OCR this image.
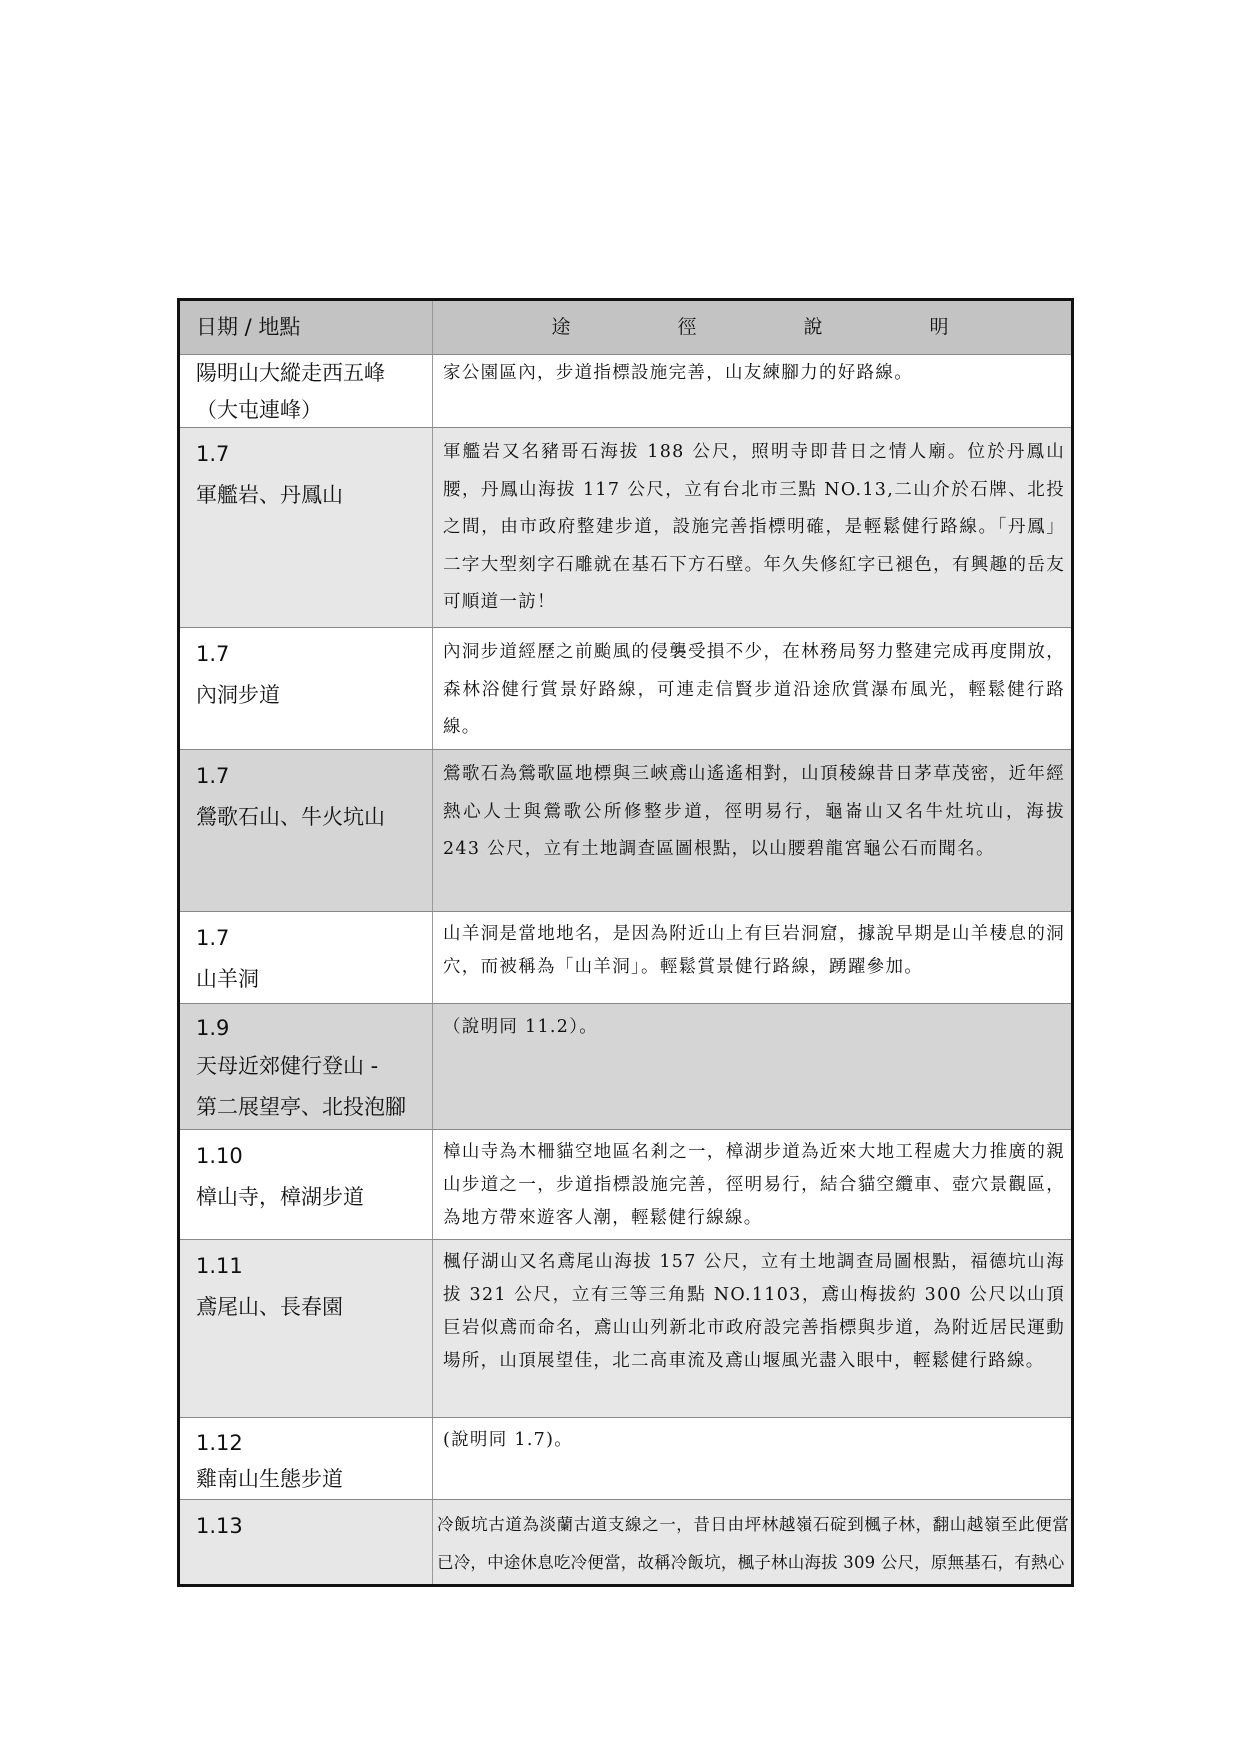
日期 / 地點	途　徑　說　明
陽明山大縱走西五峰
（大屯連峰）
家公園區內，步道指標設施完善，山友練腳力的好路線。
1.7
軍艦岩、丹鳳山
軍艦岩又名豬哥石海拔 188 公尺，照明寺即昔日之情人廟。位於丹鳳山腰，丹鳳山海拔 117 公尺，立有台北市三點 NO.13,二山介於石牌、北投之間，由市政府整建步道，設施完善指標明確，是輕鬆健行路線。「丹鳳」二字大型刻字石雕就在基石下方石壁。年久失修紅字已褪色，有興趣的岳友可順道一訪！
1.7
內洞步道
內洞步道經歷之前颱風的侵襲受損不少，在林務局努力整建完成再度開放，森林浴健行賞景好路線，可連走信賢步道沿途欣賞瀑布風光，輕鬆健行路線。
1.7
鶯歌石山、牛火坑山
鶯歌石為鶯歌區地標與三峽鳶山遙遙相對，山頂稜線昔日茅草茂密，近年經熱心人士與鶯歌公所修整步道，徑明易行，龜崙山又名牛灶坑山，海拔 243 公尺，立有土地調查區圖根點，以山腰碧龍宮龜公石而聞名。
1.7
山羊洞
山羊洞是當地地名，是因為附近山上有巨岩洞窟，據說早期是山羊棲息的洞穴，而被稱為「山羊洞」。輕鬆賞景健行路線，踴躍參加。
1.9
天母近郊健行登山 -
第二展望亭、北投泡腳
（說明同 11.2）。
1.10
樟山寺，樟湖步道
樟山寺為木柵貓空地區名剎之一，樟湖步道為近來大地工程處大力推廣的親山步道之一，步道指標設施完善，徑明易行，結合貓空纜車、壺穴景觀區，為地方帶來遊客人潮，輕鬆健行線線。
1.11
鳶尾山、長春園
楓仔湖山又名鳶尾山海拔 157 公尺，立有土地調查局圖根點，福德坑山海拔 321 公尺，立有三等三角點 NO.1103，鳶山梅拔約 300 公尺以山頂巨岩似鳶而命名，鳶山山列新北市政府設完善指標與步道，為附近居民運動場所，山頂展望佳，北二高車流及鳶山堰風光盡入眼中，輕鬆健行路線。
1.12
雞南山生態步道
(說明同 1.7)。
1.13	冷飯坑古道為淡蘭古道支線之一，昔日由坪林越嶺石碇到楓子林，翻山越嶺至此便當已冷，中途休息吃冷便當，故稱冷飯坑，楓子林山海拔 309 公尺，原無基石，有熱心
